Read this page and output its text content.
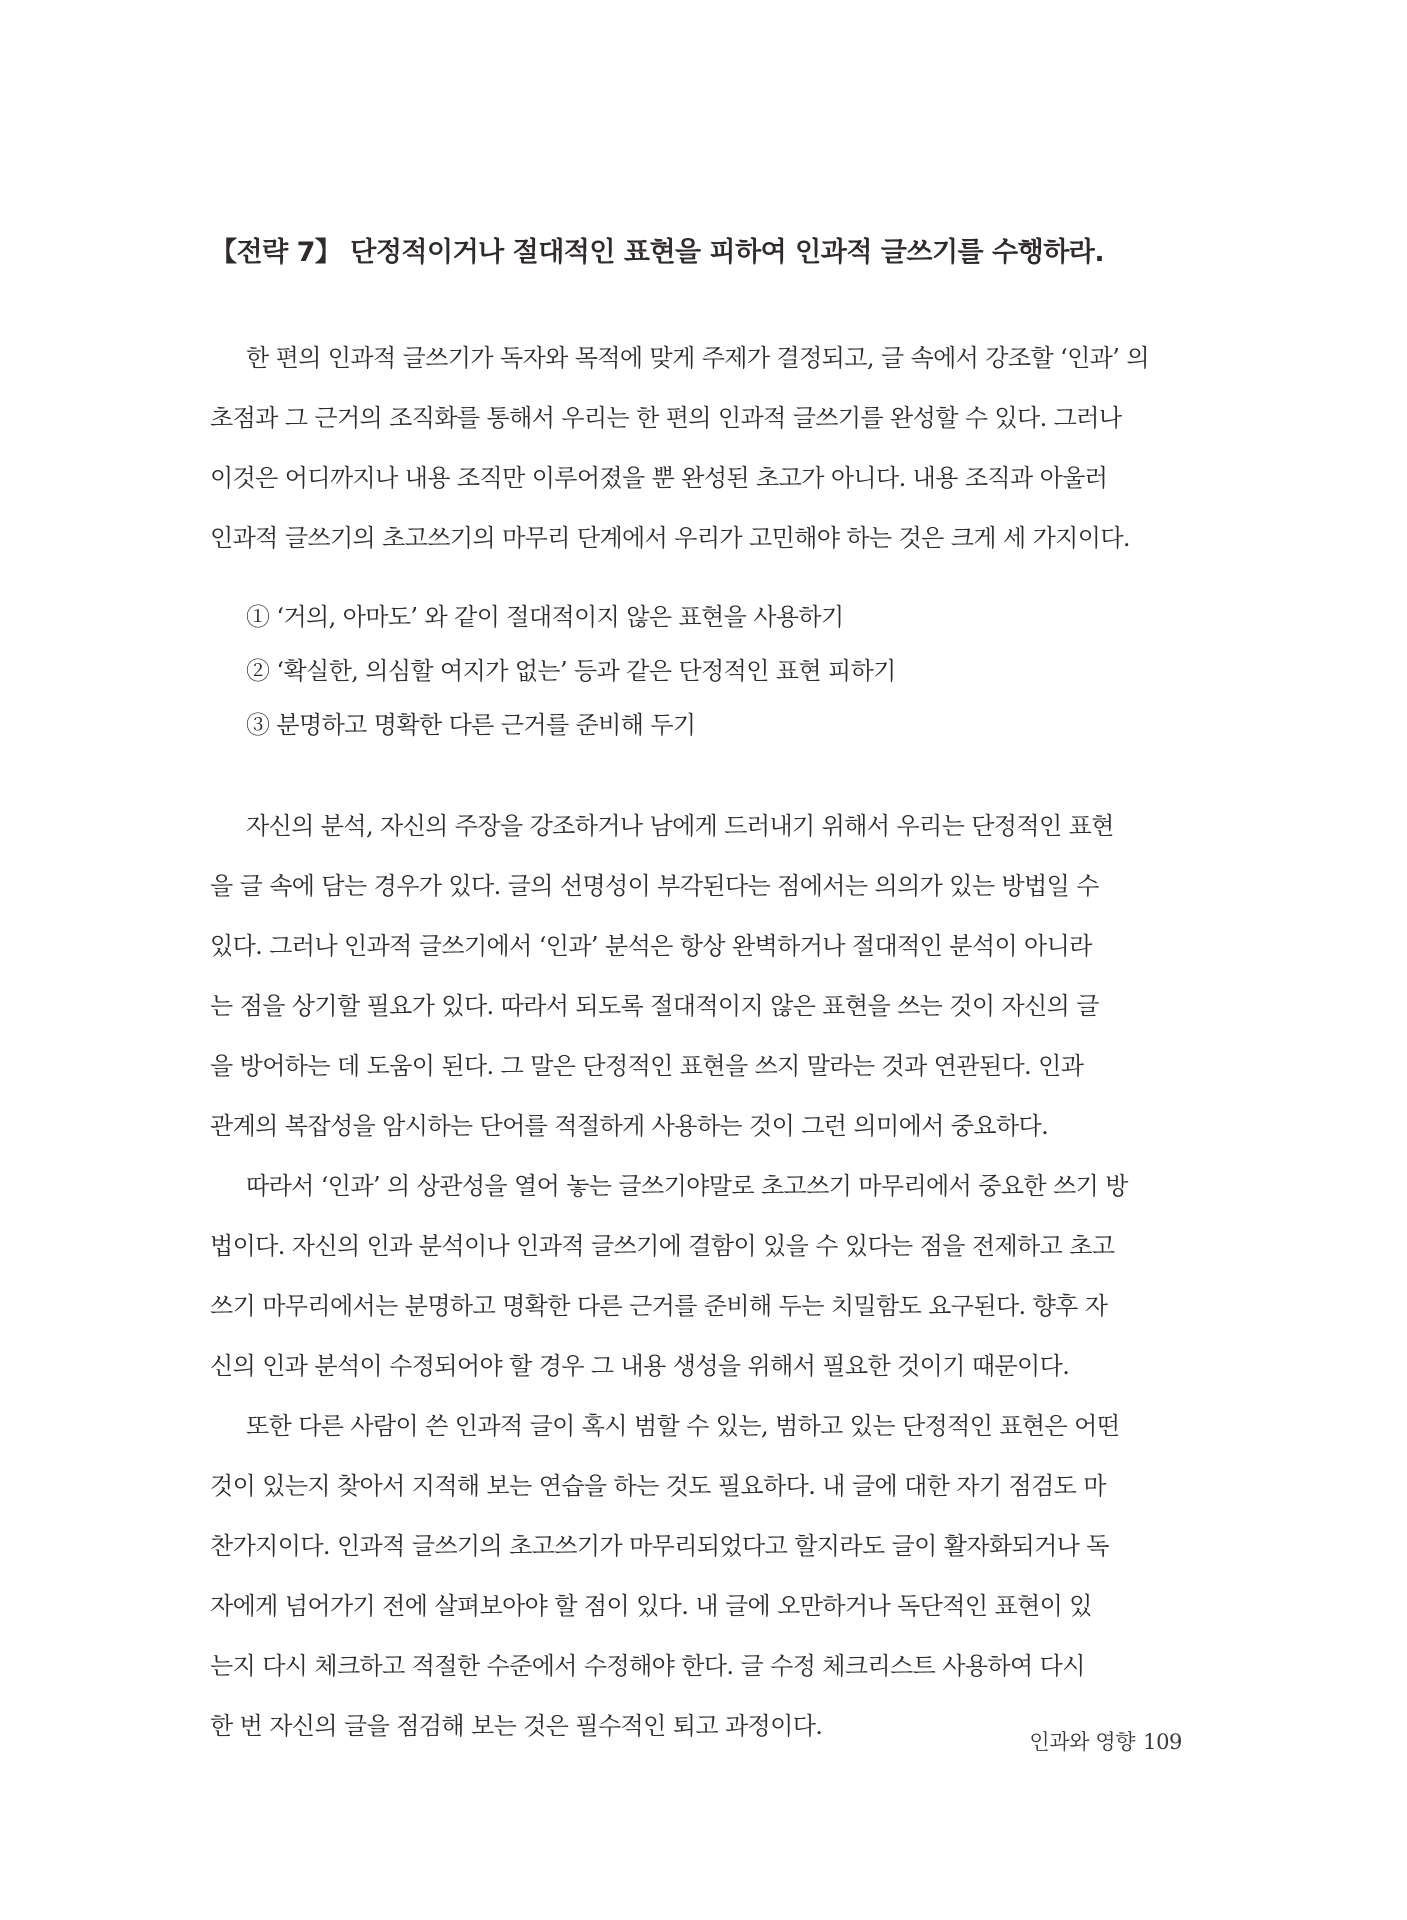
【전략 7】 단정적이거나 절대적인 표현을 피하여 인과적 글쓰기를 수행하라.
한 편의 인과적 글쓰기가 독자와 목적에 맞게 주제가 결정되고, 글 속에서 강조할 ‘인과’ 의
초점과 그 근거의 조직화를 통해서 우리는 한 편의 인과적 글쓰기를 완성할 수 있다. 그러나
이것은 어디까지나 내용 조직만 이루어졌을 뿐 완성된 초고가 아니다. 내용 조직과 아울러
인과적 글쓰기의 초고쓰기의 마무리 단계에서 우리가 고민해야 하는 것은 크게 세 가지이다.
① ‘거의, 아마도’ 와 같이 절대적이지 않은 표현을 사용하기
② ‘확실한, 의심할 여지가 없는’ 등과 같은 단정적인 표현 피하기
③ 분명하고 명확한 다른 근거를 준비해 두기
자신의 분석, 자신의 주장을 강조하거나 남에게 드러내기 위해서 우리는 단정적인 표현
을 글 속에 담는 경우가 있다. 글의 선명성이 부각된다는 점에서는 의의가 있는 방법일 수
있다. 그러나 인과적 글쓰기에서 ‘인과’ 분석은 항상 완벽하거나 절대적인 분석이 아니라
는 점을 상기할 필요가 있다. 따라서 되도록 절대적이지 않은 표현을 쓰는 것이 자신의 글
을 방어하는 데 도움이 된다. 그 말은 단정적인 표현을 쓰지 말라는 것과 연관된다. 인과
관계의 복잡성을 암시하는 단어를 적절하게 사용하는 것이 그런 의미에서 중요하다.
따라서 ‘인과’ 의 상관성을 열어 놓는 글쓰기야말로 초고쓰기 마무리에서 중요한 쓰기 방
법이다. 자신의 인과 분석이나 인과적 글쓰기에 결함이 있을 수 있다는 점을 전제하고 초고
쓰기 마무리에서는 분명하고 명확한 다른 근거를 준비해 두는 치밀함도 요구된다. 향후 자
신의 인과 분석이 수정되어야 할 경우 그 내용 생성을 위해서 필요한 것이기 때문이다.
또한 다른 사람이 쓴 인과적 글이 혹시 범할 수 있는, 범하고 있는 단정적인 표현은 어떤
것이 있는지 찾아서 지적해 보는 연습을 하는 것도 필요하다. 내 글에 대한 자기 점검도 마
찬가지이다. 인과적 글쓰기의 초고쓰기가 마무리되었다고 할지라도 글이 활자화되거나 독
자에게 넘어가기 전에 살펴보아야 할 점이 있다. 내 글에 오만하거나 독단적인 표현이 있
는지 다시 체크하고 적절한 수준에서 수정해야 한다. 글 수정 체크리스트 사용하여 다시
한 번 자신의 글을 점검해 보는 것은 필수적인 퇴고 과정이다.
인과와 영향 109
